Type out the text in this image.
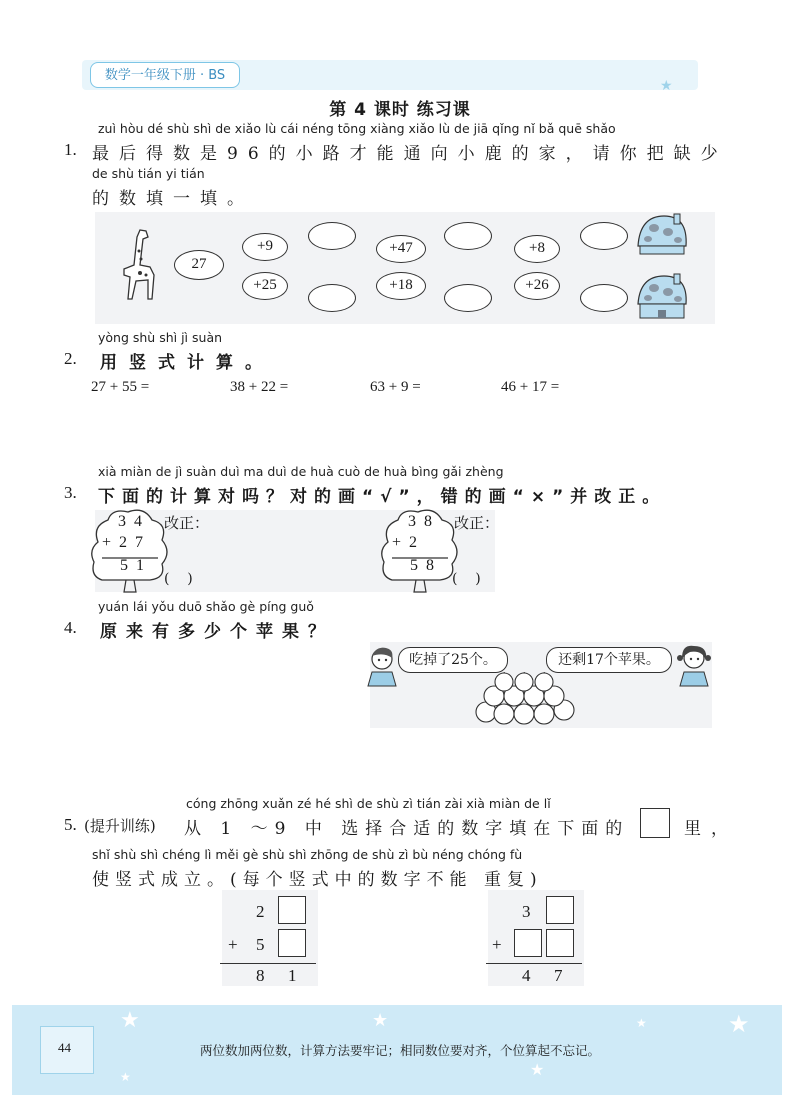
数学一年级下册 · BS
★
第 4 课时 练习课
zuì hòu dé shù shì de xiǎo lù cái néng tōng xiàng xiǎo lù de jiā qǐng nǐ bǎ quē shǎo
1. 最后得数是96的小路才能通向小鹿的家，请你把缺少
de shù tián yi tián
的数填一填。
27
+9	+47	+8
+25	+18	+26
yòng shù shì jì suàn
2. 用竖式计算。
27 + 55 =	38 + 22 =	63 + 9 =	46 + 17 =
xià miàn de jì suàn duì ma duì de huà cuò de huà bìng gǎi zhèng
3. 下面的计算对吗？对的画“√”，错的画“×”并改正。
3 4
+ 2 7
5 1
改正：
(    )
3 8
+ 2
5 8
改正：
(    )
yuán lái yǒu duō shǎo gè píng guǒ
4. 原来有多少个苹果？
吃掉了25个。	还剩17个苹果。
cóng zhōng xuǎn zé hé shì de shù zì tián zài xià miàn de lǐ
5. (提升训练) 从 1 ～9 中 选择合适的数字填在下面的	里，
shǐ shù shì chéng lì měi gè shù shì zhōng de shù zì bù néng chóng fù
使竖式成立。(每个竖式中的数字不能 重复)
2
+ 5
8 1
3
+
4 7
★	★
★
★
★
★
44	两位数加两位数，计算方法要牢记；相同数位要对齐，个位算起不忘记。
